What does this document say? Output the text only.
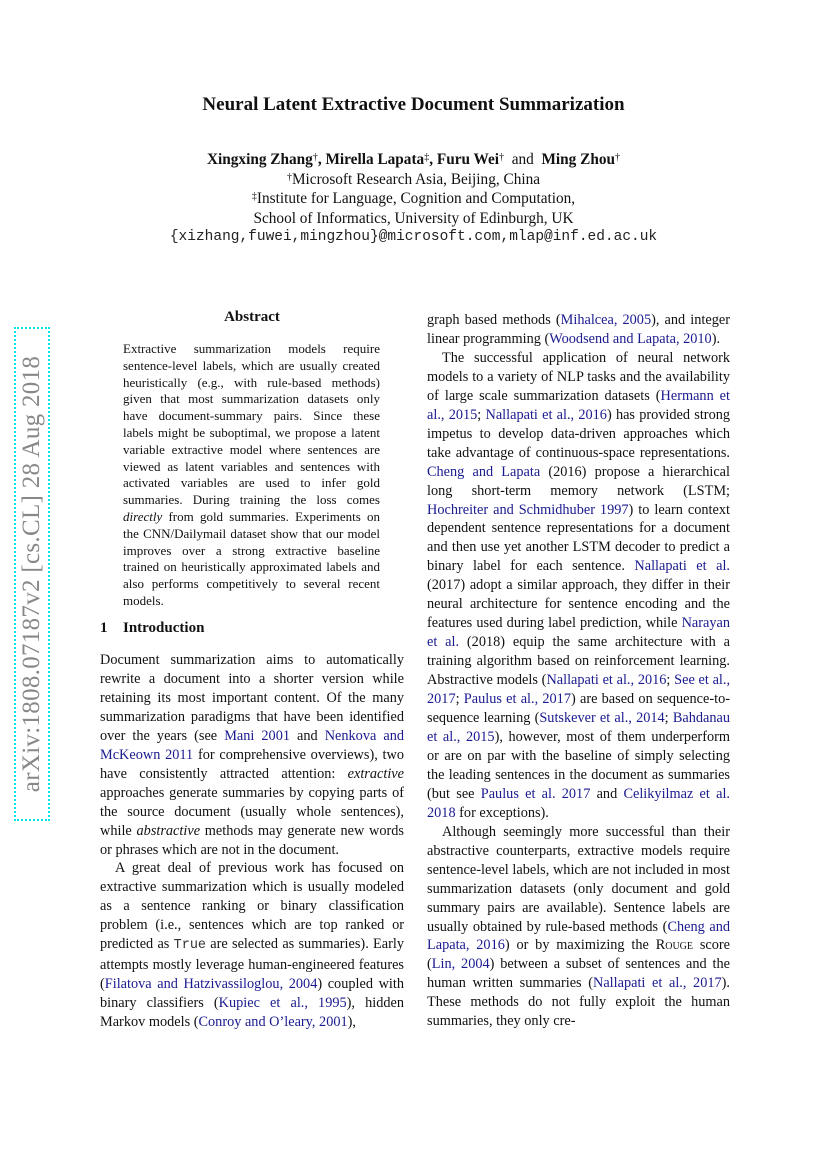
Neural Latent Extractive Document Summarization
Xingxing Zhang†, Mirella Lapata‡, Furu Wei† and Ming Zhou†
†Microsoft Research Asia, Beijing, China
‡Institute for Language, Cognition and Computation,
School of Informatics, University of Edinburgh, UK
{xizhang,fuwei,mingzhou}@microsoft.com,mlap@inf.ed.ac.uk
arXiv:1808.07187v2 [cs.CL] 28 Aug 2018
Abstract
Extractive summarization models require sentence-level labels, which are usually created heuristically (e.g., with rule-based methods) given that most summarization datasets only have document-summary pairs. Since these labels might be suboptimal, we propose a latent variable extractive model where sentences are viewed as latent variables and sentences with activated variables are used to infer gold summaries. During training the loss comes directly from gold summaries. Experiments on the CNN/Dailymail dataset show that our model improves over a strong extractive baseline trained on heuristically approximated labels and also performs competitively to several recent models.
1 Introduction

Document summarization aims to automatically rewrite a document into a shorter version while retaining its most important content. Of the many summarization paradigms that have been identified over the years (see Mani 2001 and Nenkova and McKeown 2011 for comprehensive overviews), two have consistently attracted attention: extractive approaches generate summaries by copying parts of the source document (usually whole sentences), while abstractive methods may generate new words or phrases which are not in the document.

A great deal of previous work has focused on extractive summarization which is usually modeled as a sentence ranking or binary classification problem (i.e., sentences which are top ranked or predicted as True are selected as summaries). Early attempts mostly leverage human-engineered features (Filatova and Hatzivassiloglou, 2004) coupled with binary classifiers (Kupiec et al., 1995), hidden Markov models (Conroy and O’leary, 2001),

graph based methods (Mihalcea, 2005), and integer linear programming (Woodsend and Lapata, 2010).

The successful application of neural network models to a variety of NLP tasks and the availability of large scale summarization datasets (Hermann et al., 2015; Nallapati et al., 2016) has provided strong impetus to develop data-driven approaches which take advantage of continuous-space representations. Cheng and Lapata (2016) propose a hierarchical long short-term memory network (LSTM; Hochreiter and Schmidhuber 1997) to learn context dependent sentence representations for a document and then use yet another LSTM decoder to predict a binary label for each sentence. Nallapati et al. (2017) adopt a similar approach, they differ in their neural architecture for sentence encoding and the features used during label prediction, while Narayan et al. (2018) equip the same architecture with a training algorithm based on reinforcement learning. Abstractive models (Nallapati et al., 2016; See et al., 2017; Paulus et al., 2017) are based on sequence-to-sequence learning (Sutskever et al., 2014; Bahdanau et al., 2015), however, most of them underperform or are on par with the baseline of simply selecting the leading sentences in the document as summaries (but see Paulus et al. 2017 and Celikyilmaz et al. 2018 for exceptions).

Although seemingly more successful than their abstractive counterparts, extractive models require sentence-level labels, which are not included in most summarization datasets (only document and gold summary pairs are available). Sentence labels are usually obtained by rule-based methods (Cheng and Lapata, 2016) or by maximizing the Rouge score (Lin, 2004) between a subset of sentences and the human written summaries (Nallapati et al., 2017). These methods do not fully exploit the human summaries, they only cre-
